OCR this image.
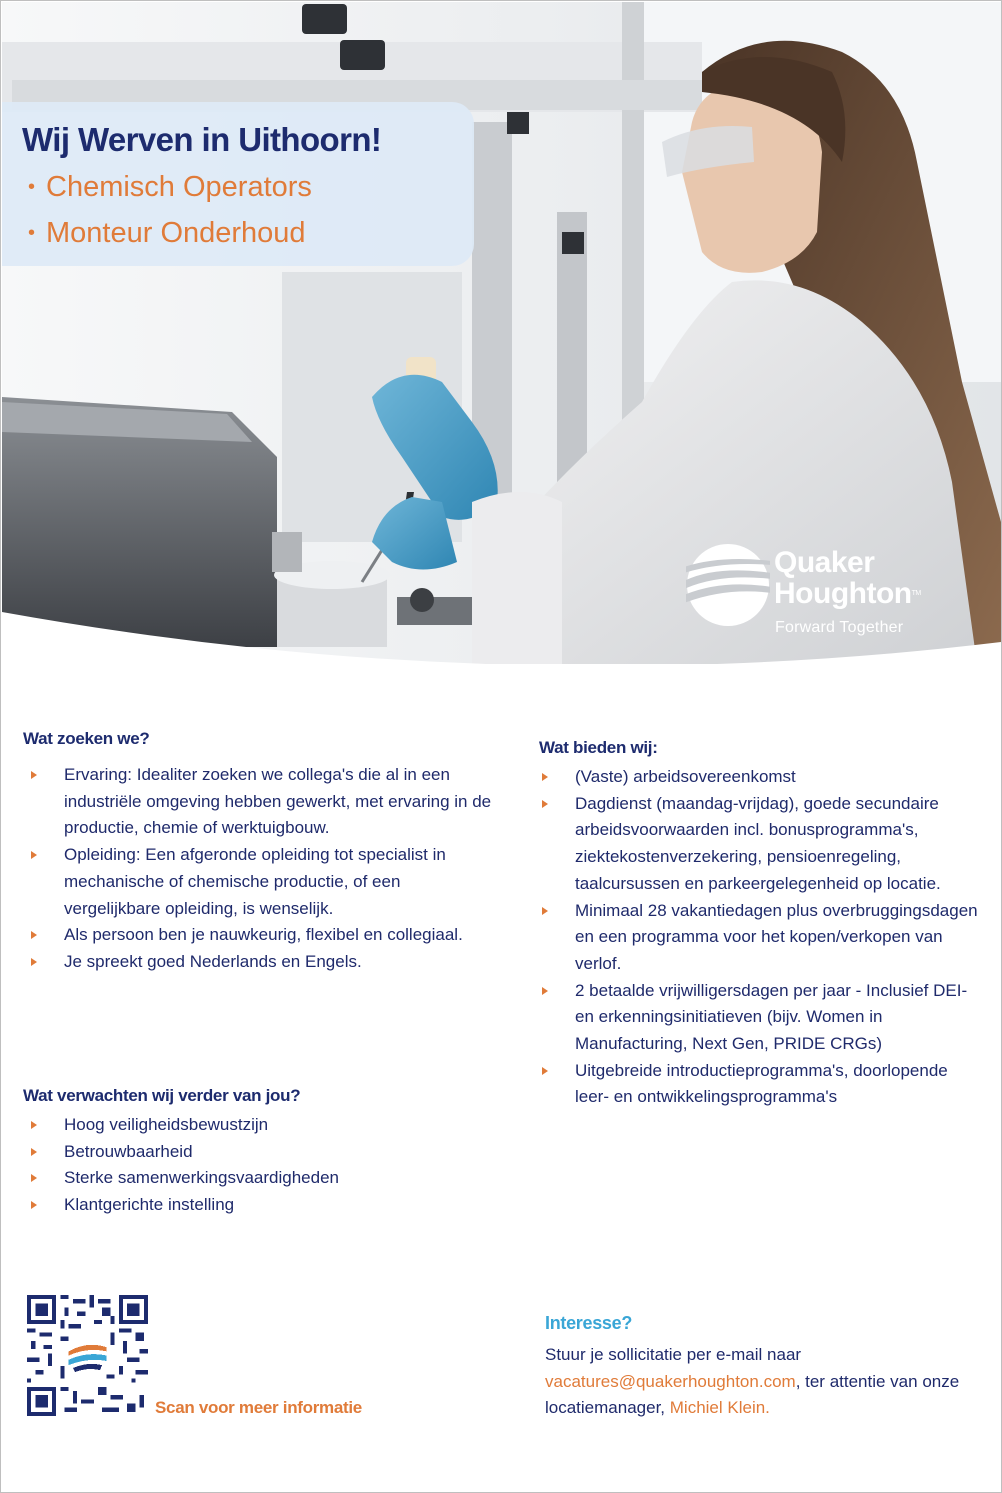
Wij Werven in Uithoorn!
• Chemisch Operators
• Monteur Onderhoud
Quaker
HoughtonTM
Forward Together
Wat zoeken we?
Ervaring: Idealiter zoeken we collega's die al in een industriële omgeving hebben gewerkt, met ervaring in de productie, chemie of werktuigbouw.
Opleiding: Een afgeronde opleiding tot specialist in mechanische of chemische productie, of een vergelijkbare opleiding, is wenselijk.
Als persoon ben je nauwkeurig, flexibel en collegiaal.
Je spreekt goed Nederlands en Engels.
Wat verwachten wij verder van jou?
Hoog veiligheidsbewustzijn
Betrouwbaarheid
Sterke samenwerkingsvaardigheden
Klantgerichte instelling
Wat bieden wij:
(Vaste) arbeidsovereenkomst
Dagdienst (maandag-vrijdag), goede secundaire arbeidsvoorwaarden incl. bonusprogramma's, ziektekostenverzekering, pensioenregeling, taalcursussen en parkeergelegenheid op locatie.
Minimaal 28 vakantiedagen plus overbruggingsdagen en een programma voor het kopen/verkopen van verlof.
2 betaalde vrijwilligersdagen per jaar - Inclusief DEI- en erkenningsinitiatieven (bijv. Women in Manufacturing, Next Gen, PRIDE CRGs)
Uitgebreide introductieprogramma's, doorlopende leer- en ontwikkelingsprogramma's
Scan voor meer informatie
Interesse?

Stuur je sollicitatie per e-mail naar
vacatures@quakerhoughton.com, ter attentie van onze locatiemanager, Michiel Klein.
